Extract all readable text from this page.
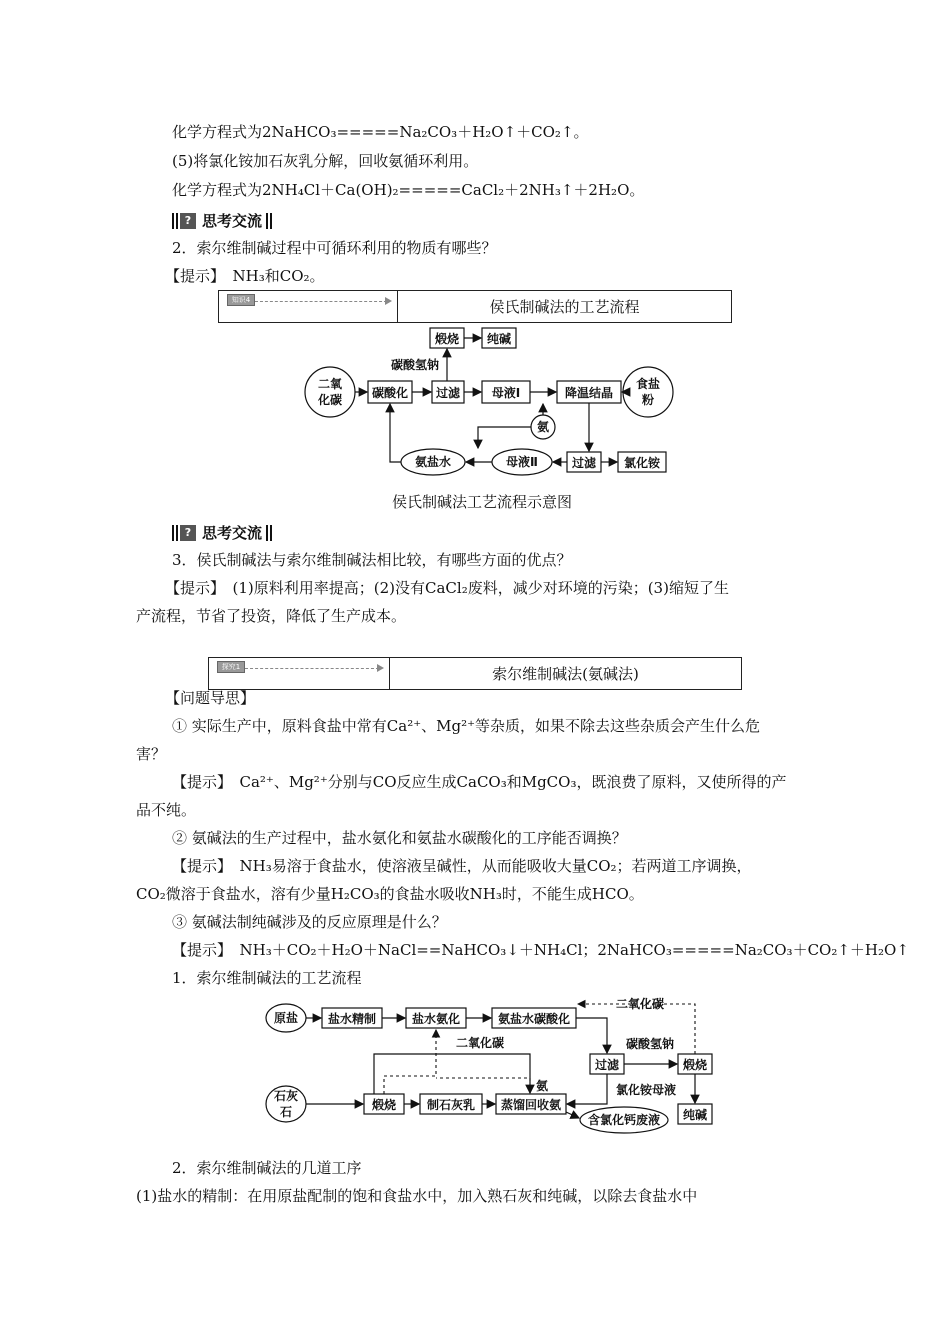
化学方程式为2NaHCO₃=====Na₂CO₃＋H₂O↑＋CO₂↑。
(5)将氯化铵加石灰乳分解，回收氨循环利用。
化学方程式为2NH₄Cl＋Ca(OH)₂=====CaCl₂＋2NH₃↑＋2H₂O。
? 思考交流
2．索尔维制碱过程中可循环利用的物质有哪些？
【提示】　NH₃和CO₂。
知识4	侯氏制碱法的工艺流程
二氧
化碳 碳酸化 过滤	母液Ⅰ	降温结晶
食盐
粉
煅烧 纯碱
碳酸氢钠
氨
氨盐水	母液Ⅱ	过滤 氯化铵
侯氏制碱法工艺流程示意图
? 思考交流
3．侯氏制碱法与索尔维制碱法相比较，有哪些方面的优点？
【提示】　(1)原料利用率提高；(2)没有CaCl₂废料，减少对环境的污染；(3)缩短了生
产流程，节省了投资，降低了生产成本。
探究1	索尔维制碱法(氨碱法)
【问题导思】
① 实际生产中，原料食盐中常有Ca²⁺、Mg²⁺等杂质，如果不除去这些杂质会产生什么危
害？
【提示】　Ca²⁺、Mg²⁺分别与CO反应生成CaCO₃和MgCO₃，既浪费了原料，又使所得的产
品不纯。
② 氨碱法的生产过程中，盐水氨化和氨盐水碳酸化的工序能否调换？
【提示】　NH₃易溶于食盐水，使溶液呈碱性，从而能吸收大量CO₂；若两道工序调换，
CO₂微溶于食盐水，溶有少量H₂CO₃的食盐水吸收NH₃时，不能生成HCO。
③ 氨碱法制纯碱涉及的反应原理是什么？
【提示】　NH₃＋CO₂＋H₂O＋NaCl==NaHCO₃↓＋NH₄Cl；2NaHCO₃=====Na₂CO₃＋CO₂↑＋H₂O↑
1．索尔维制碱法的工艺流程
原盐 盐水精制	盐水氨化	氨盐水碳酸化
二氧化碳
二氧化碳
过滤
碳酸氢钠
煅烧
氯化铵母液
纯碱
石灰
石	煅烧	制石灰乳 蒸馏回收氨
氨
含氯化钙废液
2．索尔维制碱法的几道工序
(1)盐水的精制：在用原盐配制的饱和食盐水中，加入熟石灰和纯碱，以除去食盐水中
